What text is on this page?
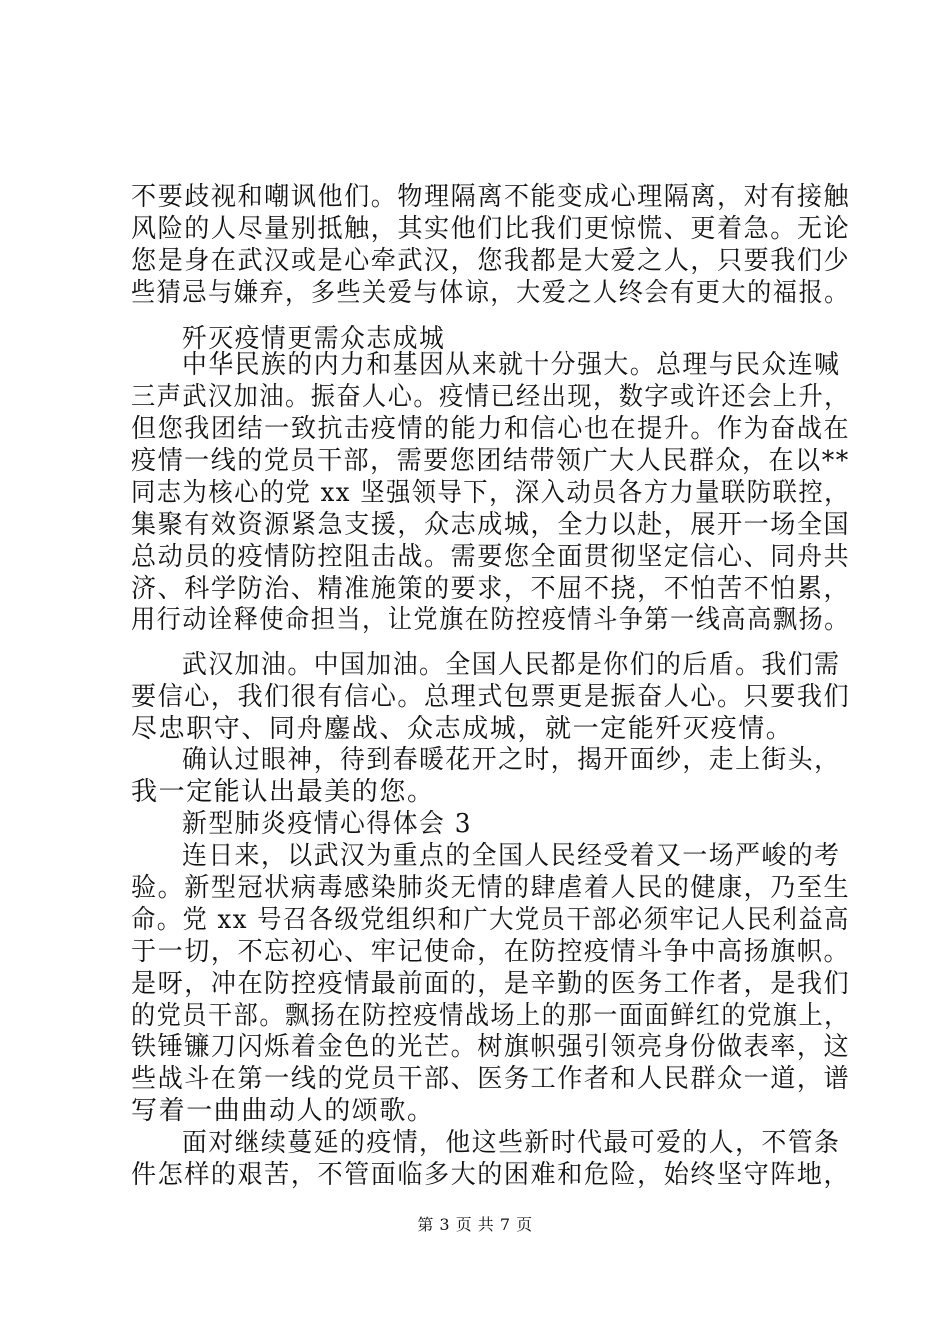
不要歧视和嘲讽他们。物理隔离不能变成心理隔离，对有接触
风险的人尽量别抵触，其实他们比我们更惊慌、更着急。无论
您是身在武汉或是心牵武汉，您我都是大爱之人，只要我们少
些猜忌与嫌弃，多些关爱与体谅，大爱之人终会有更大的福报。
歼灭疫情更需众志成城
中华民族的内力和基因从来就十分强大。总理与民众连喊
三声武汉加油。振奋人心。疫情已经出现，数字或许还会上升，
但您我团结一致抗击疫情的能力和信心也在提升。作为奋战在
疫情一线的党员干部，需要您团结带领广大人民群众，在以**
同志为核心的党 xx 坚强领导下，深入动员各方力量联防联控，
集聚有效资源紧急支援，众志成城，全力以赴，展开一场全国
总动员的疫情防控阻击战。需要您全面贯彻坚定信心、同舟共
济、科学防治、精准施策的要求，不屈不挠，不怕苦不怕累，
用行动诠释使命担当，让党旗在防控疫情斗争第一线高高飘扬。
武汉加油。中国加油。全国人民都是你们的后盾。我们需
要信心，我们很有信心。总理式包票更是振奋人心。只要我们
尽忠职守、同舟鏖战、众志成城，就一定能歼灭疫情。
确认过眼神，待到春暖花开之时，揭开面纱，走上街头，
我一定能认出最美的您。
新型肺炎疫情心得体会 3
连日来，以武汉为重点的全国人民经受着又一场严峻的考
验。新型冠状病毒感染肺炎无情的肆虐着人民的健康，乃至生
命。党 xx 号召各级党组织和广大党员干部必须牢记人民利益高
于一切，不忘初心、牢记使命，在防控疫情斗争中高扬旗帜。
是呀，冲在防控疫情最前面的，是辛勤的医务工作者，是我们
的党员干部。飘扬在防控疫情战场上的那一面面鲜红的党旗上，
铁锤镰刀闪烁着金色的光芒。树旗帜强引领亮身份做表率，这
些战斗在第一线的党员干部、医务工作者和人民群众一道，谱
写着一曲曲动人的颂歌。
面对继续蔓延的疫情，他这些新时代最可爱的人，不管条
件怎样的艰苦，不管面临多大的困难和危险，始终坚守阵地，
第 3 页 共 7 页
